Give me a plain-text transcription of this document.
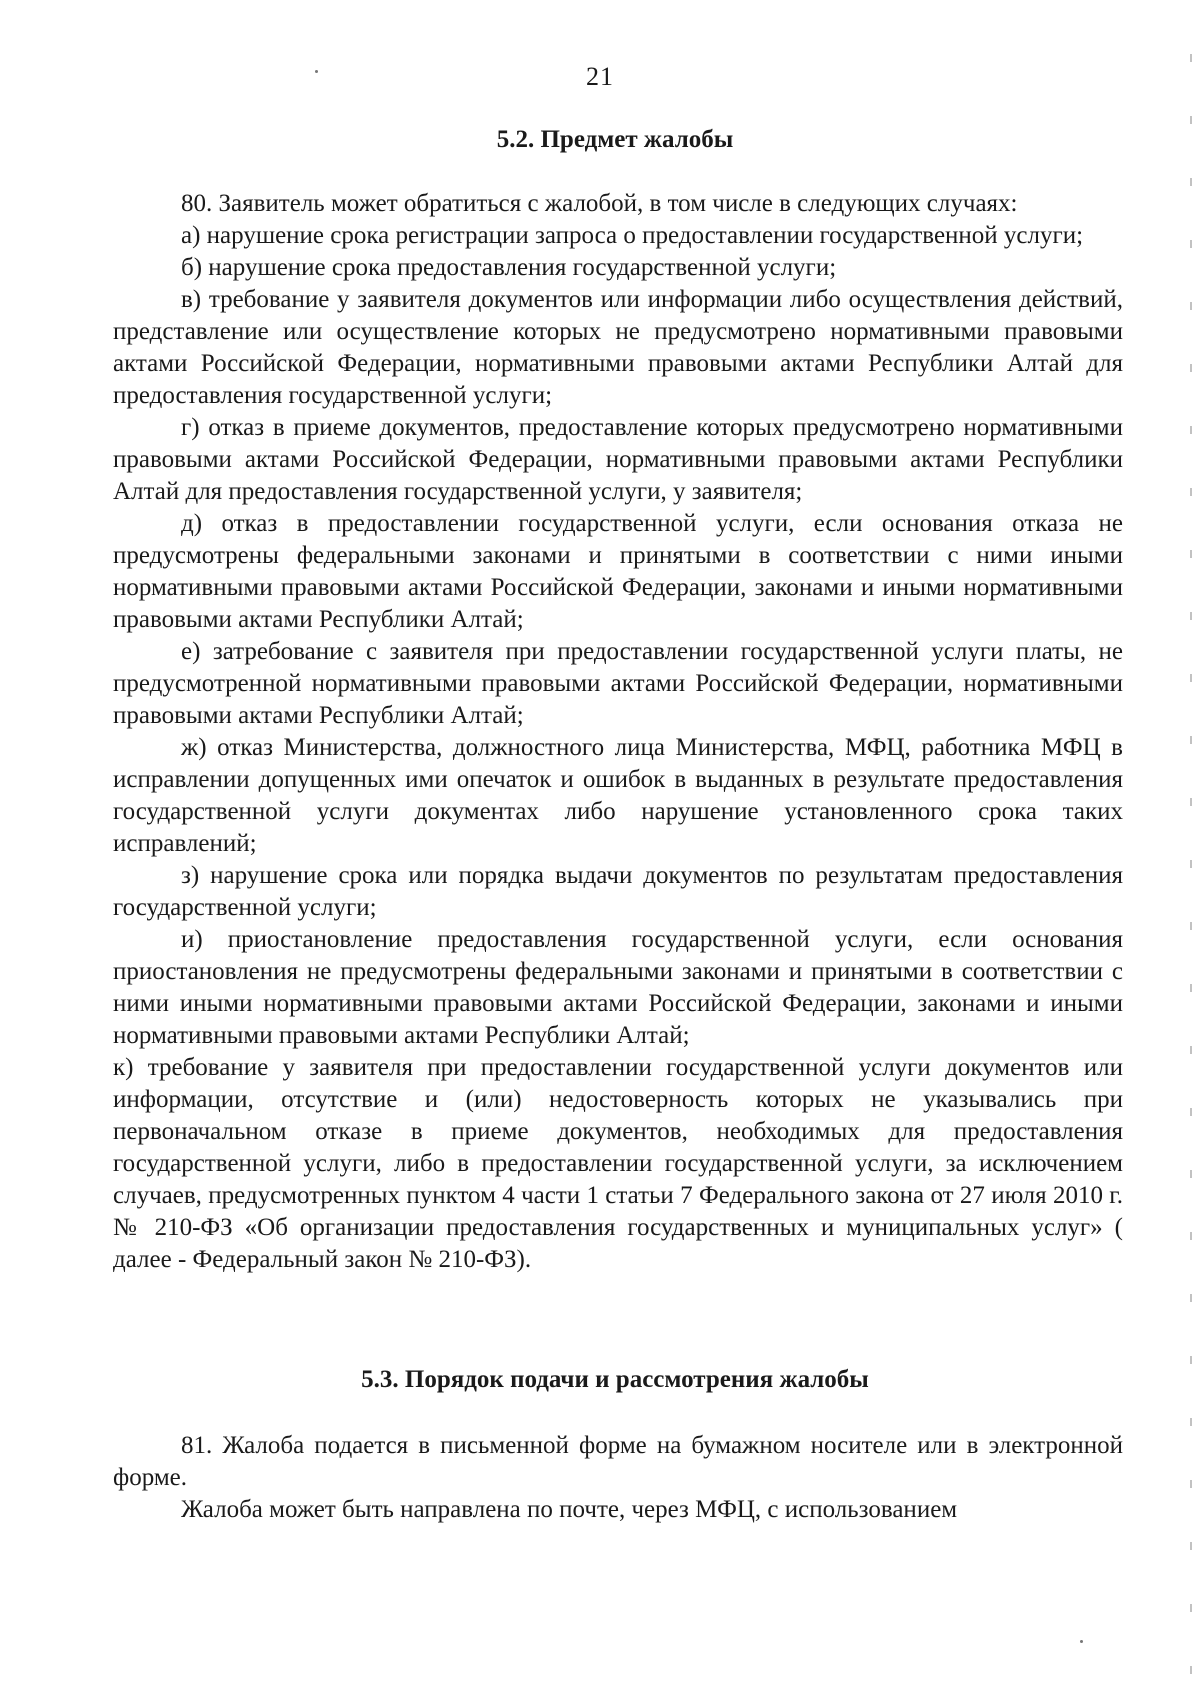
21
5.2. Предмет жалобы

80. Заявитель может обратиться с жалобой, в том числе в следующих случаях:

а) нарушение срока регистрации запроса о предоставлении государственной услуги;

б) нарушение срока предоставления государственной услуги;

в) требование у заявителя документов или информации либо осуществления действий, представление или осуществление которых не предусмотрено нормативными правовыми актами Российской Федерации, нормативными правовыми актами Республики Алтай для предоставления государственной услуги;

г) отказ в приеме документов, предоставление которых предусмотрено нормативными правовыми актами Российской Федерации, нормативными правовыми актами Республики Алтай для предоставления государственной услуги, у заявителя;

д) отказ в предоставлении государственной услуги, если основания отказа не предусмотрены федеральными законами и принятыми в соответствии с ними иными нормативными правовыми актами Российской Федерации, законами и иными нормативными правовыми актами Республики Алтай;

е) затребование с заявителя при предоставлении государственной услуги платы, не предусмотренной нормативными правовыми актами Российской Федерации, нормативными правовыми актами Республики Алтай;

ж) отказ Министерства, должностного лица Министерства, МФЦ, работника МФЦ в исправлении допущенных ими опечаток и ошибок в выданных в результате предоставления государственной услуги документах либо нарушение установленного срока таких исправлений;

з) нарушение срока или порядка выдачи документов по результатам предоставления государственной услуги;

и) приостановление предоставления государственной услуги, если основания приостановления не предусмотрены федеральными законами и принятыми в соответствии с ними иными нормативными правовыми актами Российской Федерации, законами и иными нормативными правовыми актами Республики Алтай;

к) требование у заявителя при предоставлении государственной услуги документов или информации, отсутствие и (или) недостоверность которых не указывались при первоначальном отказе в приеме документов, необходимых для предоставления государственной услуги, либо в предоставлении государственной услуги, за исключением случаев, предусмотренных пунктом 4 части 1 статьи 7 Федерального закона от 27 июля 2010 г. № 210-ФЗ «Об организации предоставления государственных и муниципальных услуг» ( далее - Федеральный закон № 210-ФЗ).

5.3. Порядок подачи и рассмотрения жалобы

81. Жалоба подается в письменной форме на бумажном носителе или в электронной форме.

Жалоба может быть направлена по почте, через МФЦ, с использованием
